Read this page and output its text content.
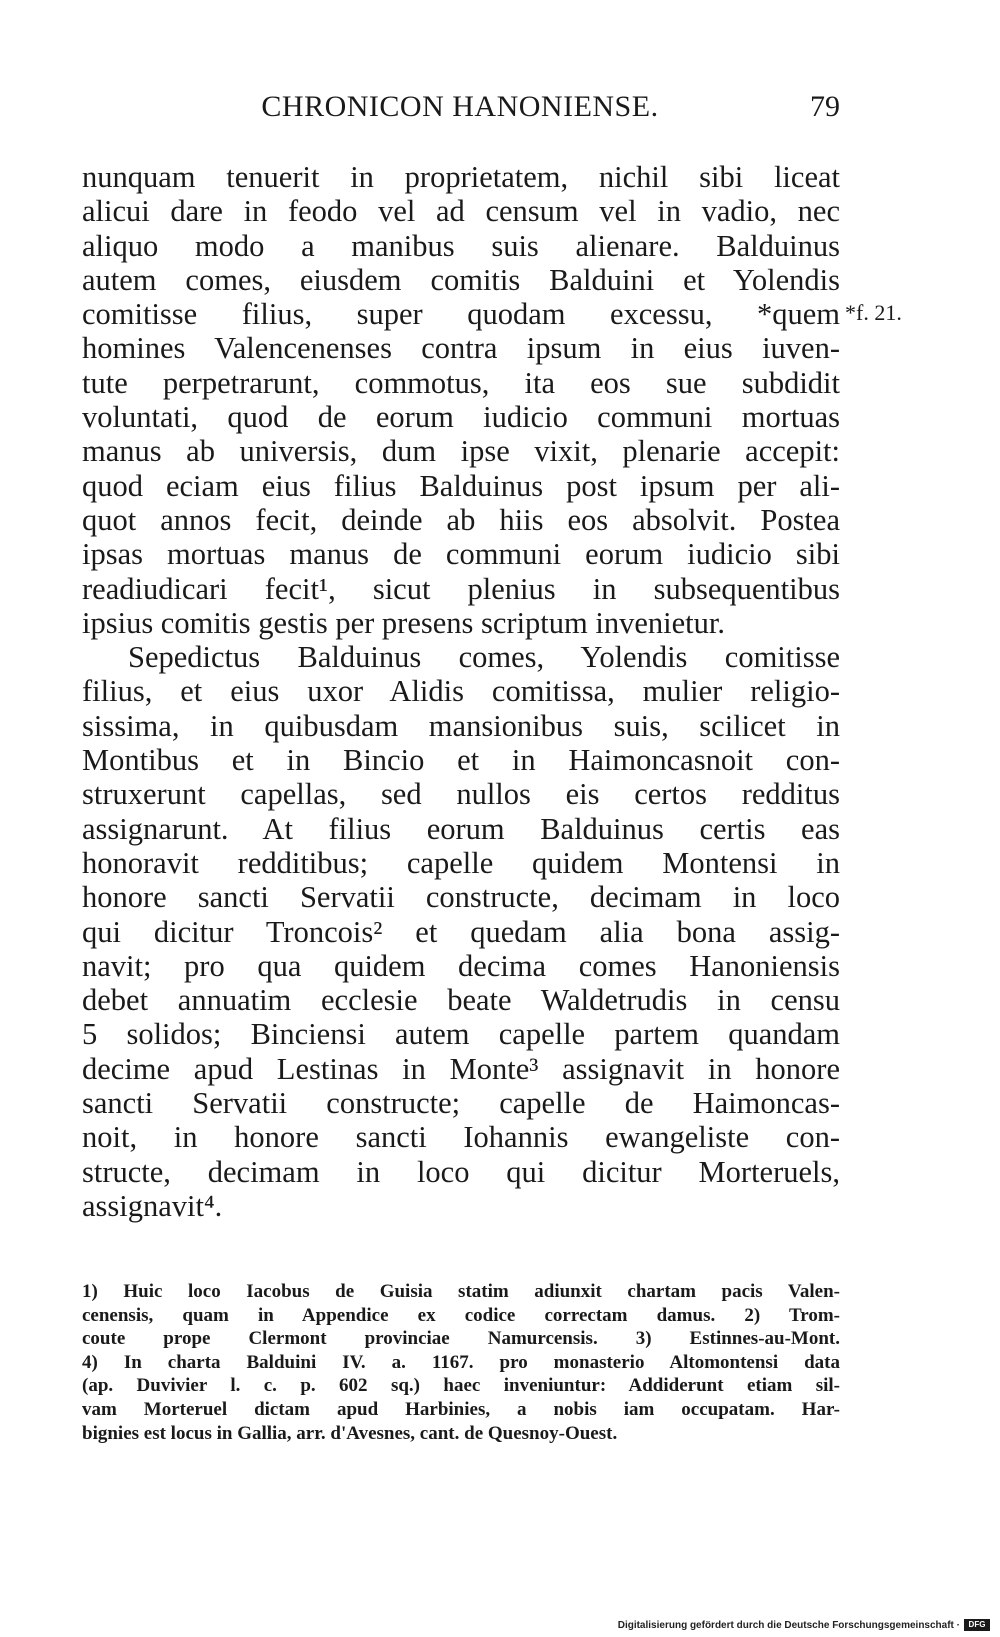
CHRONICON HANONIENSE.	79
*f. 21.
nunquam tenuerit in proprietatem, nichil sibi liceat
alicui dare in feodo vel ad censum vel in vadio, nec
aliquo modo a manibus suis alienare. Balduinus
autem comes, eiusdem comitis Balduini et Yolendis
comitisse filius, super quodam excessu, *quem
homines Valencenenses contra ipsum in eius iuven-
tute perpetrarunt, commotus, ita eos sue subdidit
voluntati, quod de eorum iudicio communi mortuas
manus ab universis, dum ipse vixit, plenarie accepit:
quod eciam eius filius Balduinus post ipsum per ali-
quot annos fecit, deinde ab hiis eos absolvit. Postea
ipsas mortuas manus de communi eorum iudicio sibi
readiudicari fecit¹, sicut plenius in subsequentibus
ipsius comitis gestis per presens scriptum invenietur.
Sepedictus Balduinus comes, Yolendis comitisse
filius, et eius uxor Alidis comitissa, mulier religio-
sissima, in quibusdam mansionibus suis, scilicet in
Montibus et in Bincio et in Haimoncasnoit con-
struxerunt capellas, sed nullos eis certos redditus
assignarunt. At filius eorum Balduinus certis eas
honoravit redditibus; capelle quidem Montensi in
honore sancti Servatii constructe, decimam in loco
qui dicitur Troncois² et quedam alia bona assig-
navit; pro qua quidem decima comes Hanoniensis
debet annuatim ecclesie beate Waldetrudis in censu
5 solidos; Binciensi autem capelle partem quandam
decime apud Lestinas in Monte³ assignavit in honore
sancti Servatii constructe; capelle de Haimoncas-
noit, in honore sancti Iohannis ewangeliste con-
structe, decimam in loco qui dicitur Morteruels,
assignavit⁴.
1) Huic loco Iacobus de Guisia statim adiunxit chartam pacis Valen-
cenensis, quam in Appendice ex codice correctam damus. 2) Trom-
coute prope Clermont provinciae Namurcensis. 3) Estinnes-au-Mont.
4) In charta Balduini IV. a. 1167. pro monasterio Altomontensi data
(ap. Duvivier l. c. p. 602 sq.) haec inveniuntur: Addiderunt etiam sil-
vam Morteruel dictam apud Harbinies, a nobis iam occupatam. Har-
bignies est locus in Gallia, arr. d'Avesnes, cant. de Quesnoy-Ouest.
Digitalisierung gefördert durch die Deutsche Forschungsgemeinschaft ·	DFG
